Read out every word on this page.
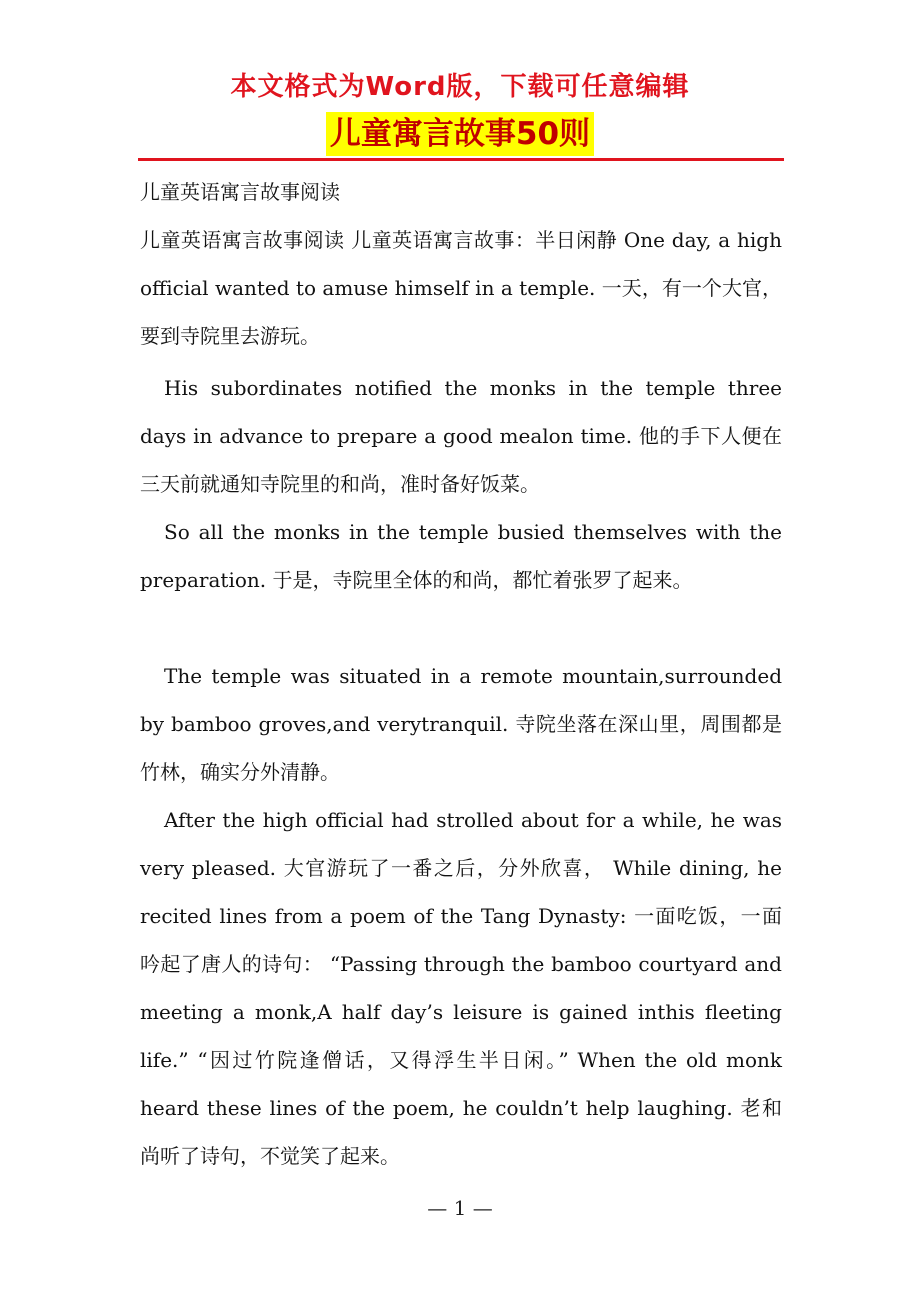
本文格式为Word版，下载可任意编辑
儿童寓言故事50则

儿童英语寓言故事阅读

儿童英语寓言故事阅读 儿童英语寓言故事：半日闲静 One day, a high official wanted to amuse himself in a temple. 一天，有一个大官，要到寺院里去游玩。

His subordinates notified the monks in the temple three days in advance to prepare a good mealon time. 他的手下人便在三天前就通知寺院里的和尚，准时备好饭菜。

So all the monks in the temple busied themselves with the preparation. 于是，寺院里全体的和尚，都忙着张罗了起来。

The temple was situated in a remote mountain,surrounded by bamboo groves,and verytranquil. 寺院坐落在深山里，周围都是竹林，确实分外清静。

After the high official had strolled about for a while, he was very pleased. 大官游玩了一番之后，分外欣喜， While dining, he recited lines from a poem of the Tang Dynasty: 一面吃饭，一面吟起了唐人的诗句： “Passing through the bamboo courtyard and meeting a monk,A half day’s leisure is gained inthis fleeting life.” “因过竹院逢僧话，又得浮生半日闲。” When the old monk heard these lines of the poem, he couldn’t help laughing. 老和尚听了诗句，不觉笑了起来。

— 1 —
